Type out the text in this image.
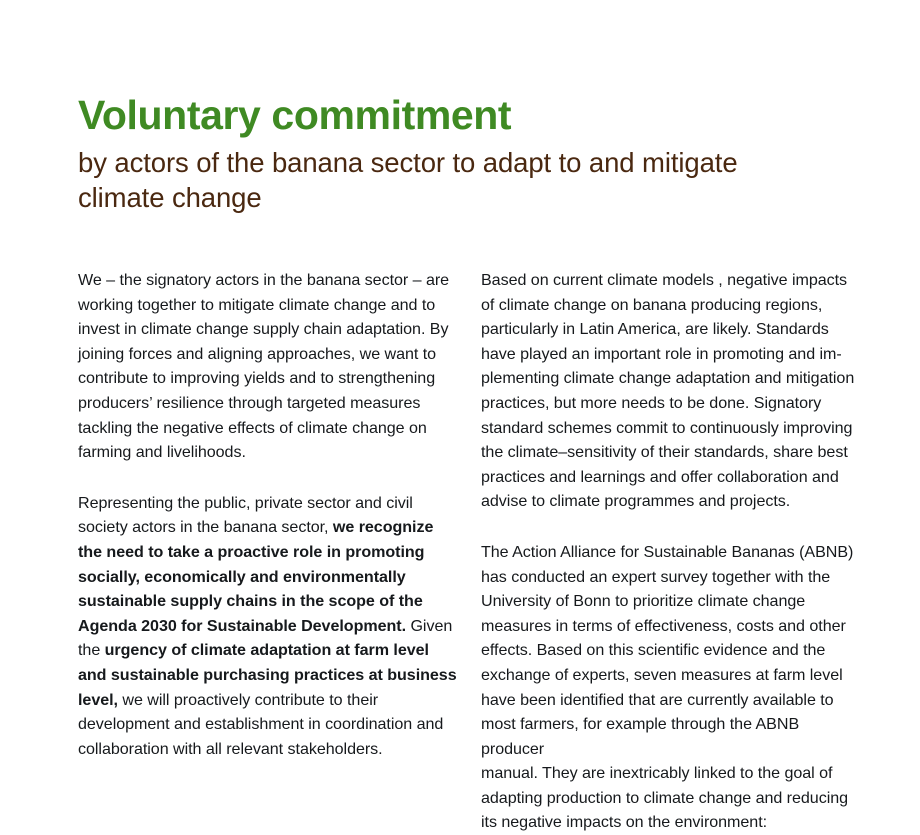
Voluntary commitment
by actors of the banana sector to adapt to and mitigate
climate change

We – the signatory actors in the banana sector – are
working together to mitigate climate change and to
invest in climate change supply chain adaptation. By
joining forces and aligning approaches, we want to
contribute to improving yields and to strengthening
producers’ resilience through targeted measures
tackling the negative effects of climate change on
farming and livelihoods.

Representing the public, private sector and civil society actors in the banana sector, we recognize the need to take a proactive role in promoting socially, economically and environmentally sustainable supply chains in the scope of the Agenda 2030 for Sustainable Development. Given the urgency of climate adaptation at farm level and sustainable purchasing practices at business level, we will proactively contribute to their development and establishment in coordination and collaboration with all relevant stakeholders.

Based on current climate models , negative impacts
of climate change on banana producing regions,
particularly in Latin America, are likely. Standards
have played an important role in promoting and im-
plementing climate change adaptation and mitigation
practices, but more needs to be done. Signatory
standard schemes commit to continuously improving
the climate–sensitivity of their standards, share best
practices and learnings and offer collaboration and
advise to climate programmes and projects.

The Action Alliance for Sustainable Bananas (ABNB)
has conducted an expert survey together with the
University of Bonn to prioritize climate change
measures in terms of effectiveness, costs and other
effects. Based on this scientific evidence and the
exchange of experts, seven measures at farm level
have been identified that are currently available to
most farmers, for example through the ABNB producer
manual. They are inextricably linked to the goal of
adapting production to climate change and reducing
its negative impacts on the environment:
